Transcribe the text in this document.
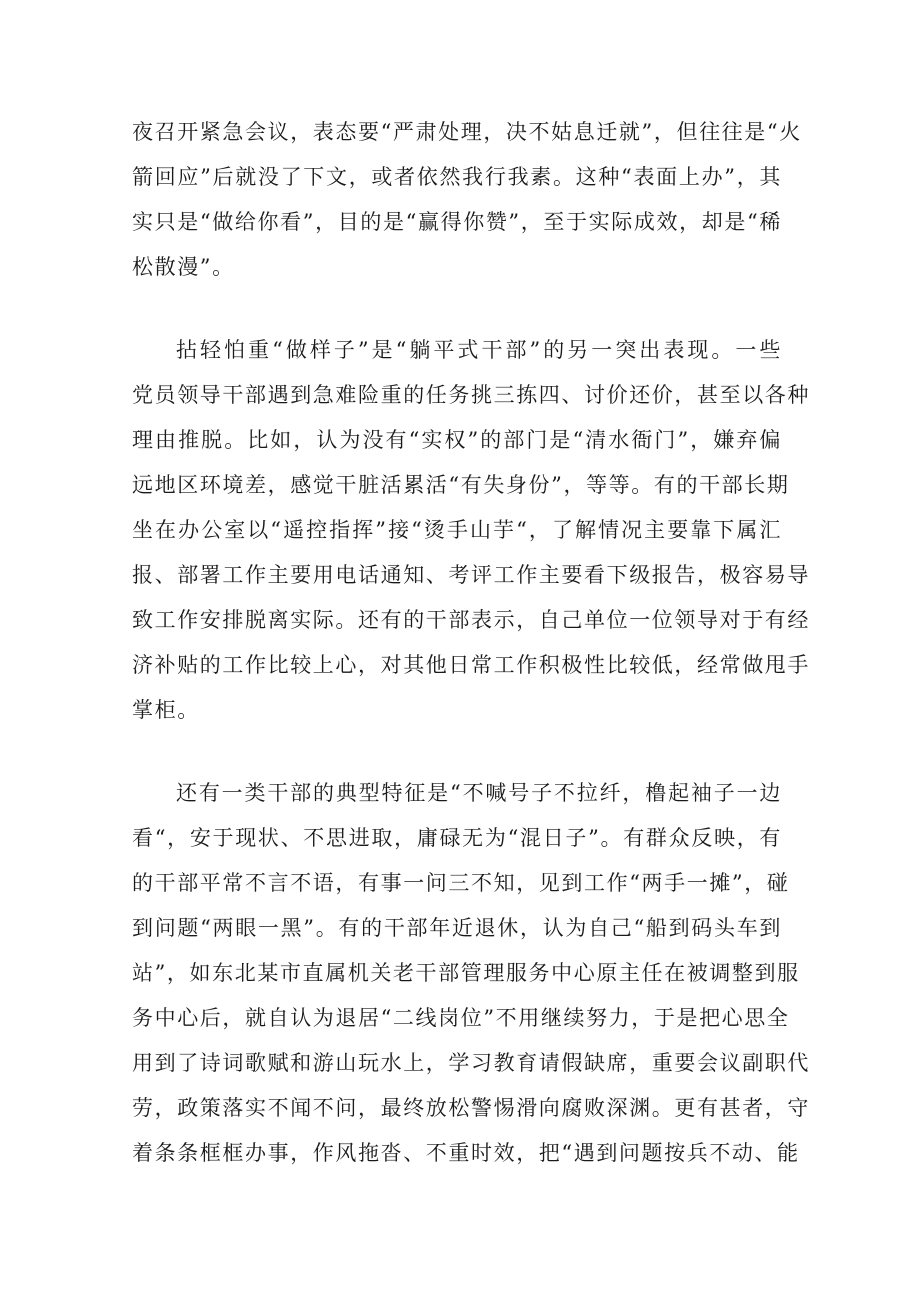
夜召开紧急会议，表态要“严肃处理，决不姑息迁就”，但往往是“火
箭回应”后就没了下文，或者依然我行我素。这种“表面上办”，其
实只是“做给你看”，目的是“赢得你赞”，至于实际成效，却是“稀
松散漫”。
拈轻怕重“做样子”是“躺平式干部”的另一突出表现。一些
党员领导干部遇到急难险重的任务挑三拣四、讨价还价，甚至以各种
理由推脱。比如，认为没有“实权”的部门是“清水衙门”，嫌弃偏
远地区环境差，感觉干脏活累活“有失身份”，等等。有的干部长期
坐在办公室以“遥控指挥”接“烫手山芋“，了解情况主要靠下属汇
报、部署工作主要用电话通知、考评工作主要看下级报告，极容易导
致工作安排脱离实际。还有的干部表示，自己单位一位领导对于有经
济补贴的工作比较上心，对其他日常工作积极性比较低，经常做甩手
掌柜。
还有一类干部的典型特征是“不喊号子不拉纤，橹起袖子一边
看“，安于现状、不思进取，庸碌无为“混日子”。有群众反映，有
的干部平常不言不语，有事一问三不知，见到工作“两手一摊”，碰
到问题“两眼一黑”。有的干部年近退休，认为自己“船到码头车到
站”，如东北某市直属机关老干部管理服务中心原主任在被调整到服
务中心后，就自认为退居“二线岗位”不用继续努力，于是把心思全
用到了诗词歌赋和游山玩水上，学习教育请假缺席，重要会议副职代
劳，政策落实不闻不问，最终放松警惕滑向腐败深渊。更有甚者，守
着条条框框办事，作风拖沓、不重时效，把“遇到问题按兵不动、能
